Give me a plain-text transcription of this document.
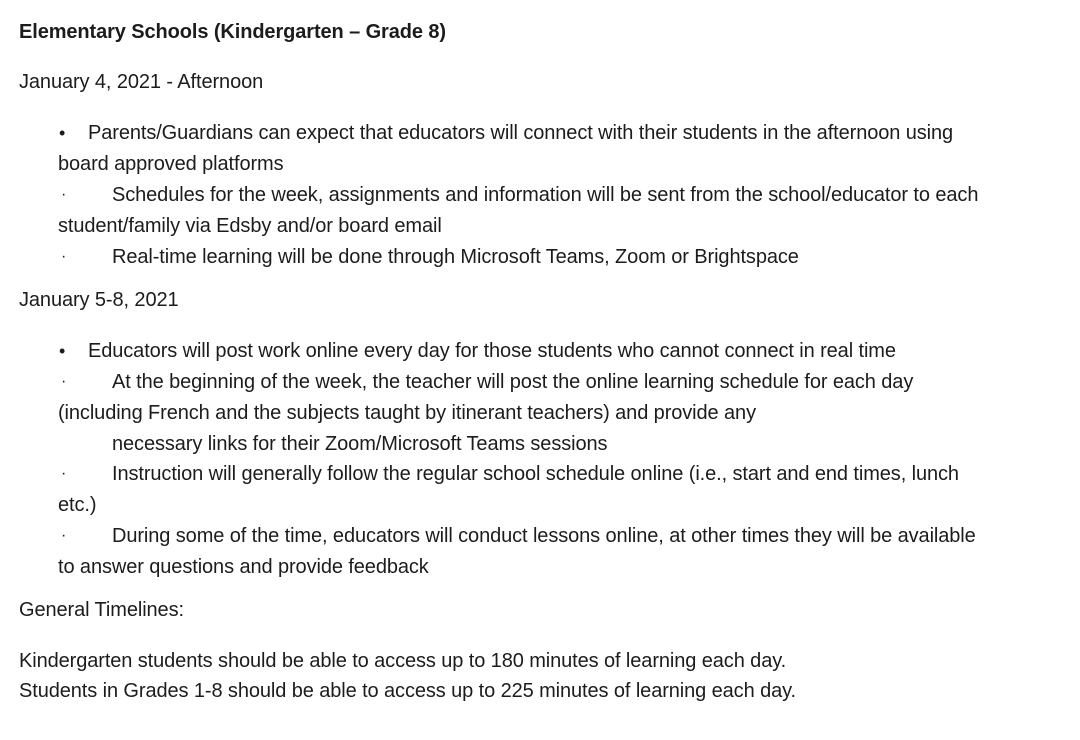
Elementary Schools (Kindergarten – Grade 8)
January 4, 2021 - Afternoon
• Parents/Guardians can expect that educators will connect with their students in the afternoon using
board approved platforms
· Schedules for the week, assignments and information will be sent from the school/educator to each
student/family via Edsby and/or board email
· Real-time learning will be done through Microsoft Teams, Zoom or Brightspace
January 5-8, 2021
• Educators will post work online every day for those students who cannot connect in real time
· At the beginning of the week, the teacher will post the online learning schedule for each day
(including French and the subjects taught by itinerant teachers) and provide any
necessary links for their Zoom/Microsoft Teams sessions
· Instruction will generally follow the regular school schedule online (i.e., start and end times, lunch
etc.)
· During some of the time, educators will conduct lessons online, at other times they will be available
to answer questions and provide feedback
General Timelines:
Kindergarten students should be able to access up to 180 minutes of learning each day.
Students in Grades 1-8 should be able to access up to 225 minutes of learning each day.
